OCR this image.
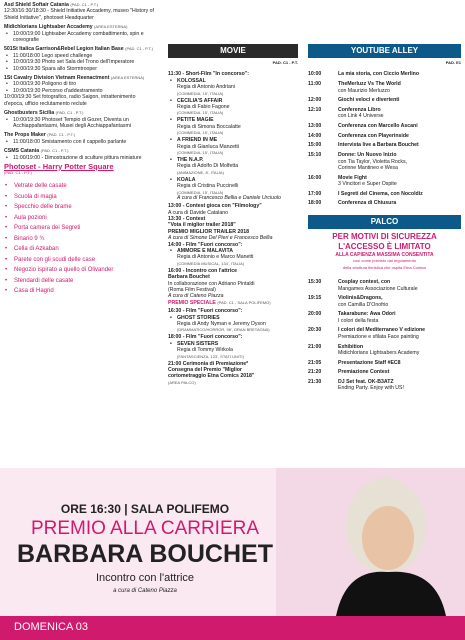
Asd Shield Softair Catania (PAD. C1 - P.T.)
12:30/16:30/18:30 - Shield Initiative Accademy, museo "History of Shield Initiative", photoset Headquarter
Midichlorians Lightsaber Accademy (AREA ESTERNA)
• 10:00/19:00 Lightsaber Accademy combattimento, spin e coreografie
501St Italica Garrison&Rebel Legion Italian Base (PAD. C1 - P.T.)
• 11:00/18:00 Lego speed challenge
• 10:00/19:30 Photo set Sala del Trono dell'Imperatore
• 10:00/19:30 Spara allo Stormtrooper
1St Cavalry Division Vietnam Reenactment (AREA ESTERNA)
• 10:00/19:30 Poligono di tiro
• 10:00/19:30 Percorso d'addestramento
10:00/19:30 Set fotografico, radio Saigon, intrattenimento d'epoca, ufficio reclutamento reclute
Ghostbusters Sicilia (PAD. C1 - P.T.)
• 10:00/19:30 Photoset Tempio di Gozer, Diventa un Acchiappafantasmi, Musei degli Acchiappafantasmi
The Props Maker (PAD. C1 - P.T.)
• 11:00/18:00 Smistamento con il cappello parlante
CSMS Catania (PAD. C1 - P.T.)
• 11:00/19:00 - Dimostrazione di sculture pittura miniature
Photoset - Harry Potter Square
(PAD. C1 - P.T.)
• Vetrate delle casate
• Scuola di magia
• Specchio delle brame
• Aula pozioni
• Porta camera dei Segreti
• Binario 9 ¾
• Cella di Azkaban
• Parete con gli scudi delle case
• Negozio ispirato a quello di Olivander
• Stendardi delle casate
• Casa di Hagrid
MOVIE
PAD. C1 - P.T.
11:30 - Short-Film "In concorso":
• KOLOSSAL
Regia di Antonio Andriani
(COMMEDIA, 15', ITALIA)
• CECILIA'S AFFAIR
Regia di Fabio Fagone
(COMMEDIA, 15', ITALIA)
• PETITE MAGIE
Regia di Simona Boccalatte
(COMMEDIA, 15', ITALIA)
• A FRIEND IN ME
Regia di Gianluca Manzetti
(COMMEDIA, 15', ITALIA)
• THE N.A.P.
Regia di Adolfo Di Molfetta
(ANIMAZIONE, 8', ITALIA)
• KOALA
Regia di Cristina Puccinelli
(COMMEDIA, 15', ITALIA)
A cura di Francesco Bellia e Daniele Urciuolo
13:00 - Contest gioca con "Filmology"
A cura di Davide Catalano
13:30 - Contest
"Vota il miglior trailer 2018"
PREMIO MIGLIOR TRAILER 2018
A cura di Simone Del Pieri e Francesco Bellia
14:00 - Film "Fuori concorso":
• AMMORE E MALAVITA
Regia di Antonio e Marco Manetti
(COMMEDIA MUSICAL, 134', ITALIA)
16:00 - Incontro con l'attrice
Barbara Bouchet
In collaborazione con Adriano Pintaldi
(Roma Film Festival)
A cura di Cateno Piazza
PREMIO SPECIALE (PAD. C1 - SALA POLIFEMO)
16:30 - Film "Fuori concorso":
• GHOST STORIES
Regia di Andy Nyman e Jeremy Dyson
(DRAMMATICO/HORROR, 98', GRAN BRETAGNA)
18:00 - Film "Fuori concorso":
• SEVEN SISTERS
Regia di Tommy Wirkola
(FANTASCIENZA, 123', STATI UNITI)
21:00 Cerimonia di Premiazione*
Consegna del Premio "Miglior
cortometraggio Etna Comics 2018"
(AREA PALCO)
YOUTUBE ALLEY
PAD. E1
10:00	La mia storia, con Ciccio Merlino
11:00	TheMerluzz Vs The World
con Maurizio Merluzzo
12:00	Giochi veloci e divertenti
12:10	Conferenza Libro
con Link 4 Universe
13:00	Conferenza con Marcello Ascani
14:00	Conferenza con Playerinside
15:00	Intervista live a Barbara Bouchet
15:10	Donne: Un Nuovo Inizio
con Tia Taylor, Violetta Rocks,
Corinne Mantineo e Wesa
16:00	Movie Fight
3 Vincitori e Super Ospite
17:00	I Segreti del Cinema, con Nocoldiz
18:00	Conferenza di Chiusura
PALCO
PER MOTIVI DI SICUREZZA
L'ACCESSO È LIMITATO
ALLA CAPIENZA MASSIMA CONSENTITA
così come previsto dal regolamento
della struttura fieristica che ospita Etna Comics
15:30	Cosplay contest, con
Mangames Associazione Culturale
19:15	Violinis&Dragons,
con Camilla D'Onofrio
20:00	Takarabune: Awa Odori
I colori della festa
20:30	I colori del Mediterraneo V edizione
Premiazione e sfilata Face painting
21:00	Exhibition
Midichlorians Lightsabers Academy
21:05	Presentazione Staff #EC8
21:20	Premiazione Contest
21:30	DJ Set feat. OK-B3ATZ
Ending Party. Enjoy with US!
ORE 16:30 | SALA POLIFEMO
PREMIO ALLA CARRIERA
BARBARA BOUCHET
Incontro con l'attrice
a cura di Cateno Piazza
DOMENICA 03
